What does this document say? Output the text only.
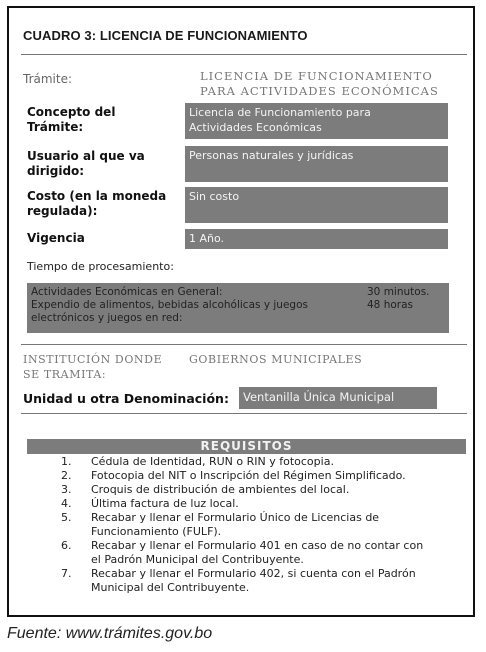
CUADRO 3: LICENCIA DE FUNCIONAMIENTO
Trámite:	LICENCIA DE FUNCIONAMIENTO
PARA ACTIVIDADES ECONÓMICAS
Concepto del
Trámite:
Licencia de Funcionamiento para
Actividades Económicas
Usuario al que va
dirigido:
Personas naturales y jurídicas
Costo (en la moneda
regulada):
Sin costo
Vigencia	1 Año.
Tiempo de procesamiento:
Actividades Económicas en General:	30 minutos.
Expendio de alimentos, bebidas alcohólicas y juegos	48 horas
electrónicos y juegos en red:
INSTITUCIÓN DONDE
SE TRAMITA:
GOBIERNOS MUNICIPALES
Unidad u otra Denominación: Ventanilla Única Municipal
REQUISITOS
1.	Cédula de Identidad, RUN o RIN y fotocopia.
2.	Fotocopia del NIT o Inscripción del Régimen Simplificado.
3.	Croquis de distribución de ambientes del local.
4.	Última factura de luz local.
5.	Recabar y llenar el Formulario Único de Licencias de
Funcionamiento (FULF).
6.	Recabar y llenar el Formulario 401 en caso de no contar con
el Padrón Municipal del Contribuyente.
7.	Recabar y llenar el Formulario 402, si cuenta con el Padrón
Municipal del Contribuyente.
Fuente: www.trámites.gov.bo
